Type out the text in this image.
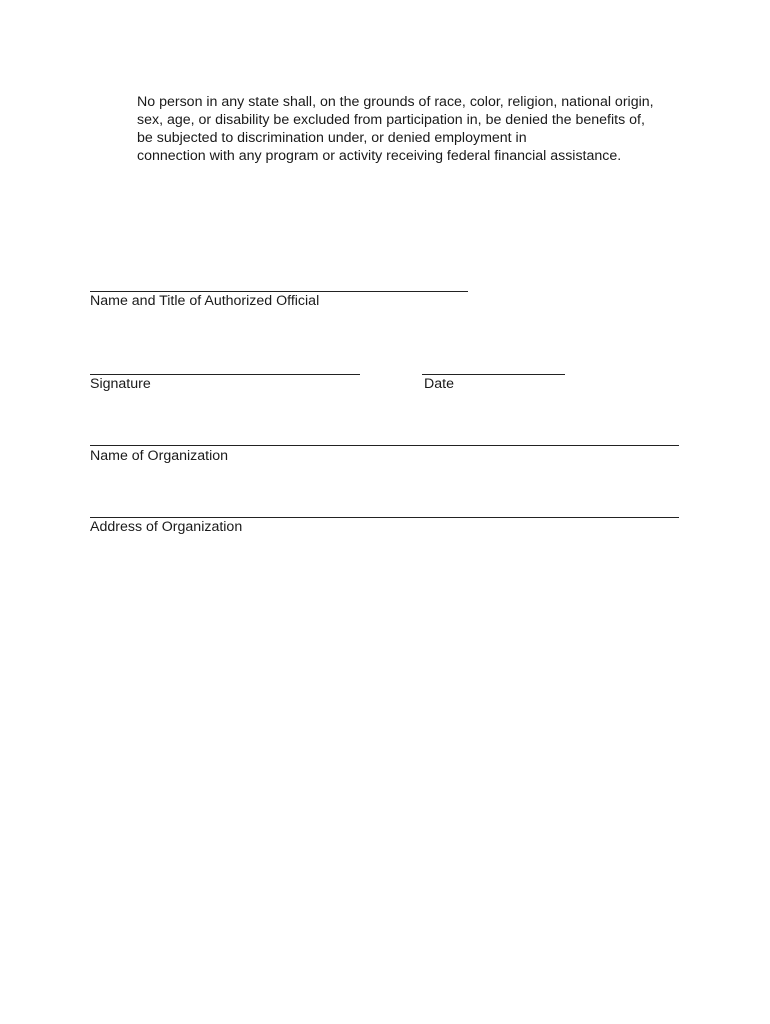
No person in any state shall, on the grounds of race, color, religion, national origin,
sex, age, or disability be excluded from participation in, be denied the benefits of,
be subjected to discrimination under, or denied employment in
connection with any program or activity receiving federal financial assistance.

Name and Title of Authorized Official
Signature	Date
Name of Organization
Address of Organization
